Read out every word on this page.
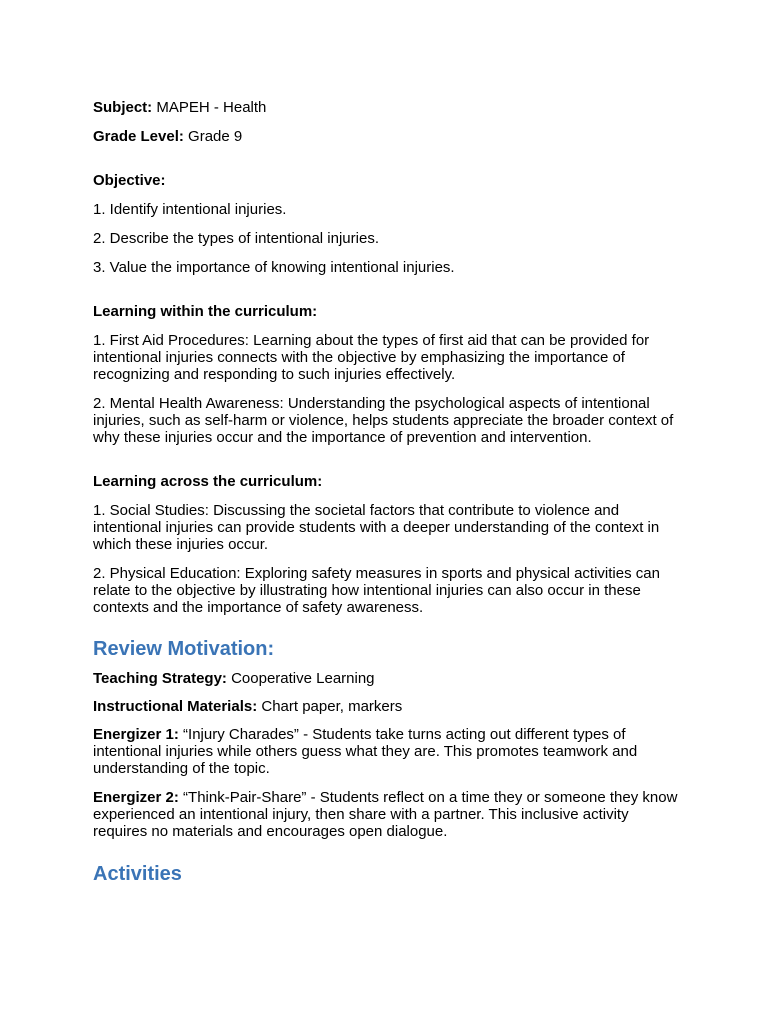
Subject: MAPEH - Health

Grade Level: Grade 9

Objective:

1. Identify intentional injuries.

2. Describe the types of intentional injuries.

3. Value the importance of knowing intentional injuries.

Learning within the curriculum:

1. First Aid Procedures: Learning about the types of first aid that can be provided for intentional injuries connects with the objective by emphasizing the importance of recognizing and responding to such injuries effectively.

2. Mental Health Awareness: Understanding the psychological aspects of intentional injuries, such as self-harm or violence, helps students appreciate the broader context of why these injuries occur and the importance of prevention and intervention.

Learning across the curriculum:

1. Social Studies: Discussing the societal factors that contribute to violence and intentional injuries can provide students with a deeper understanding of the context in which these injuries occur.

2. Physical Education: Exploring safety measures in sports and physical activities can relate to the objective by illustrating how intentional injuries can also occur in these contexts and the importance of safety awareness.

Review Motivation:

Teaching Strategy: Cooperative Learning

Instructional Materials: Chart paper, markers

Energizer 1: “Injury Charades” - Students take turns acting out different types of intentional injuries while others guess what they are. This promotes teamwork and understanding of the topic.

Energizer 2: “Think-Pair-Share” - Students reflect on a time they or someone they know experienced an intentional injury, then share with a partner. This inclusive activity requires no materials and encourages open dialogue.

Activities
